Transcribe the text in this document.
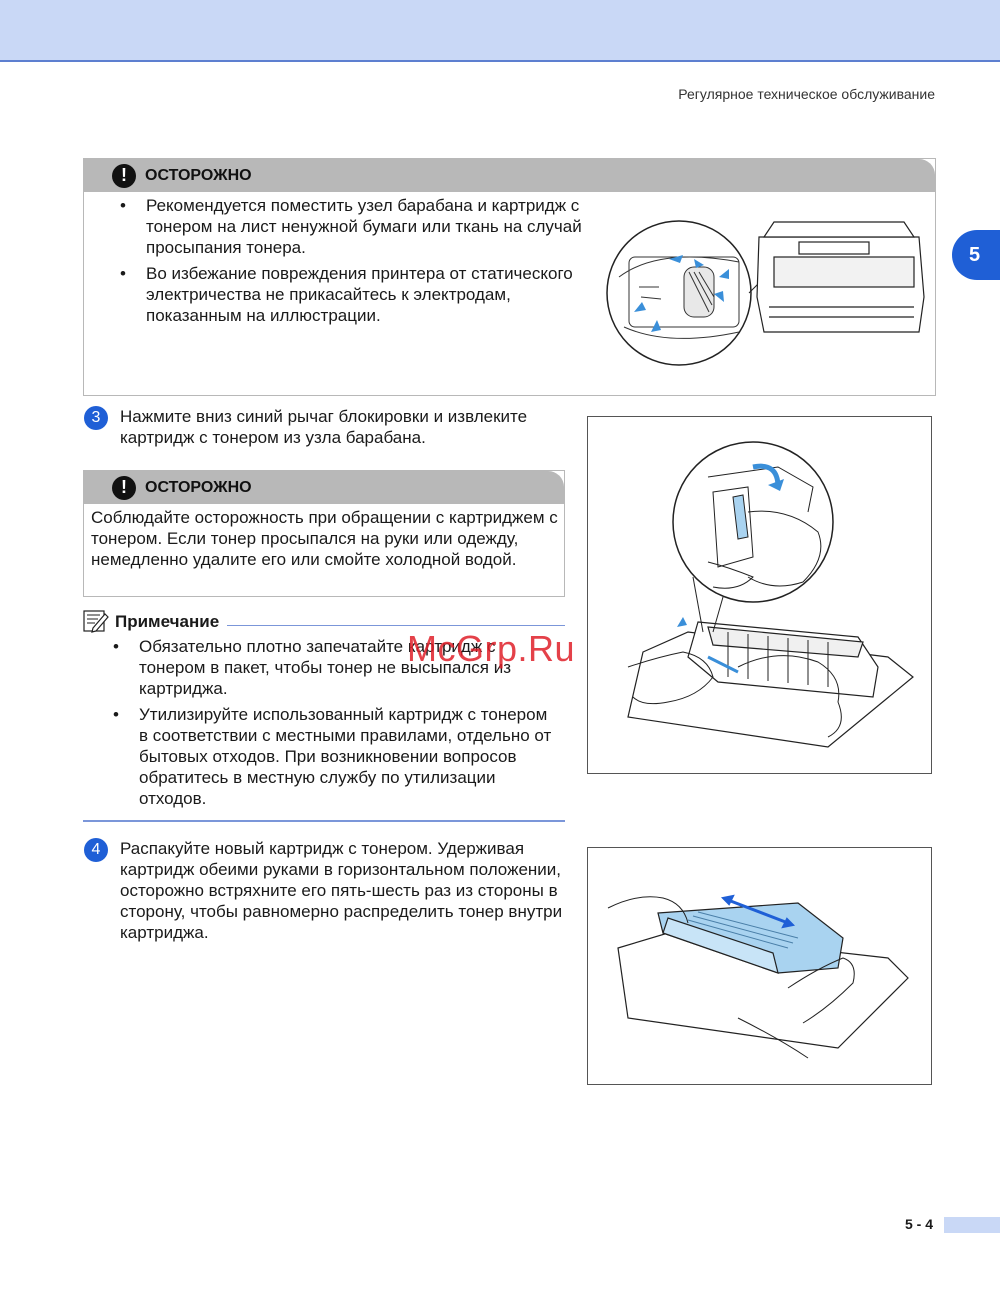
Регулярное техническое обслуживание
5
!	ОСТОРОЖНО
• Рекомендуется поместить узел барабана и картридж с тонером на лист ненужной бумаги или ткань на случай просыпания тонера.
• Во избежание повреждения принтера от статического электричества не прикасайтесь к электродам, показанным на иллюстрации.
3	Нажмите вниз синий рычаг блокировки и извлеките картридж с тонером из узла барабана.
!	ОСТОРОЖНО
Соблюдайте осторожность при обращении с картриджем с тонером. Если тонер просыпался на руки или одежду, немедленно удалите его или смойте холодной водой.
Примечание
• Обязательно плотно запечатайте картридж с тонером в пакет, чтобы тонер не высыпался из картриджа.
• Утилизируйте использованный картридж с тонером в соответствии с местными правилами, отдельно от бытовых отходов. При возникновении вопросов обратитесь в местную службу по утилизации отходов.
McGrp.Ru
4	Распакуйте новый картридж с тонером. Удерживая картридж обеими руками в горизонтальном положении, осторожно встряхните его пять-шесть раз из стороны в сторону, чтобы равномерно распределить тонер внутри картриджа.
5 - 4
